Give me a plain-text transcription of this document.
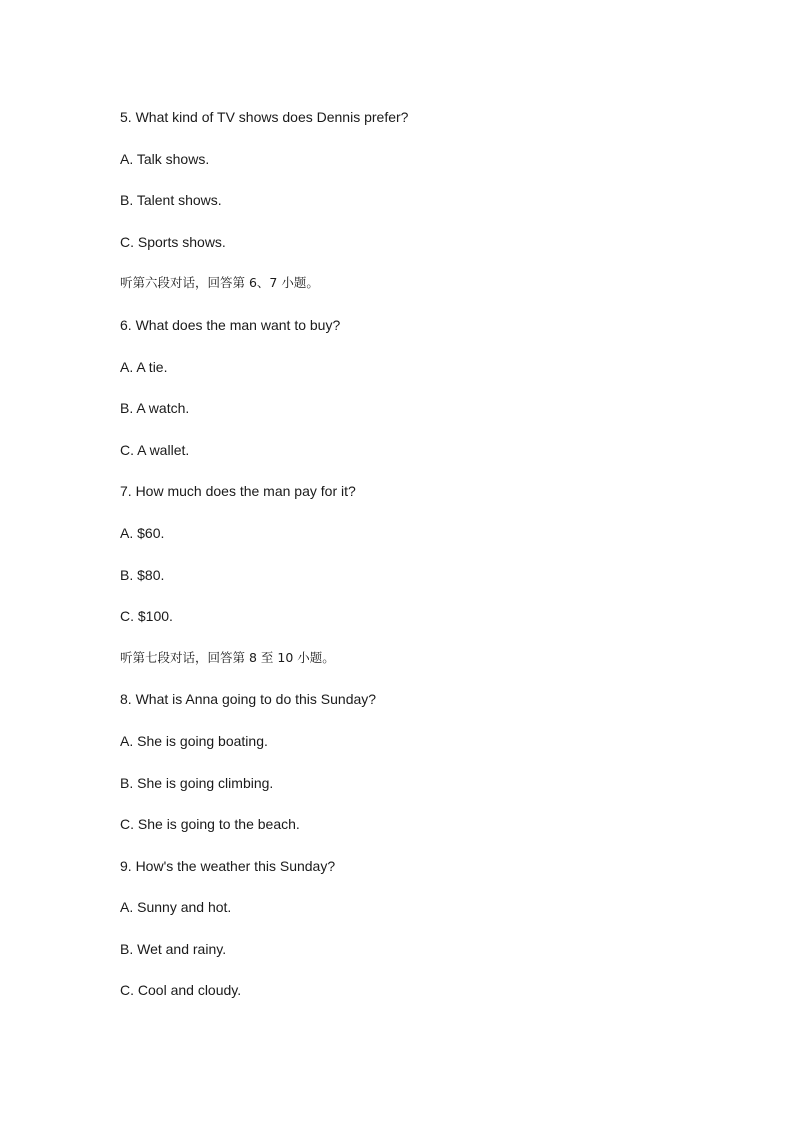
5. What kind of TV shows does Dennis prefer?
A. Talk shows.
B. Talent shows.
C. Sports shows.
听第六段对话，回答第 6、7 小题。
6. What does the man want to buy?
A. A tie.
B. A watch.
C. A wallet.
7. How much does the man pay for it?
A. $60.
B. $80.
C. $100.
听第七段对话，回答第 8 至 10 小题。
8. What is Anna going to do this Sunday?
A. She is going boating.
B. She is going climbing.
C. She is going to the beach.
9. How's the weather this Sunday?
A. Sunny and hot.
B. Wet and rainy.
C. Cool and cloudy.
